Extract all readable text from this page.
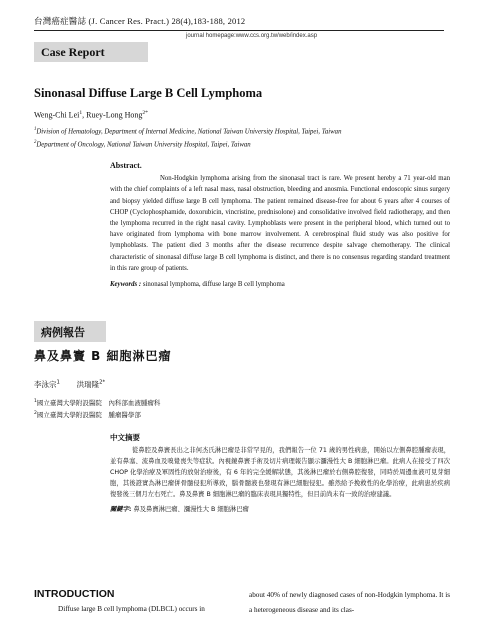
台灣癌症醫誌 (J. Cancer Res. Pract.) 28(4),183-188, 2012
journal homepage:www.ccs.org.tw/web/index.asp
Case Report
Sinonasal Diffuse Large B Cell Lymphoma
Weng-Chi Lei$^1$, Ruey-Long Hong$^{2*}$
$^1$Division of Hematology, Department of Internal Medicine, National Taiwan University Hospital, Taipei, Taiwan
$^2$Department of Oncology, National Taiwan University Hospital, Taipei, Taiwan
Abstract.

Non-Hodgkin lymphoma arising from the sinonasal tract is rare. We present hereby a 71 year-old man with the chief complaints of a left nasal mass, nasal obstruction, bleeding and anosmia. Functional endoscopic sinus surgery and biopsy yielded diffuse large B cell lymphoma. The patient remained disease-free for about 6 years after 4 courses of CHOP (Cyclophosphamide, doxorubicin, vincristine, prednisolone) and consolidative involved field radiotherapy, and then the lymphoma recurred in the right nasal cavity. Lymphoblasts were present in the peripheral blood, which turned out to have originated from lymphoma with bone marrow involvement. A cerebrospinal fluid study was also positive for lymphoblasts. The patient died 3 months after the disease recurrence despite salvage chemotherapy. The clinical characteristic of sinonasal diffuse large B cell lymphoma is distinct, and there is no consensus regarding standard treatment in this rare group of patients.

Keywords : sinonasal lymphoma, diffuse large B cell lymphoma
病例報告
鼻及鼻竇 B 細胞淋巴瘤
李泳宗$^1$ 洪瑞隆$^{2*}$
$^1$國立臺灣大學附設醫院　內科部血液腫瘤科
$^2$國立臺灣大學附設醫院　腫瘤醫學部
中文摘要
從鼻腔及鼻竇長出之非何杰氏淋巴瘤是非常罕見的，我們報告一位 71 歲的男性病患，開始以左側鼻腔腫瘤表現，並有鼻塞、流鼻血及嗅覺喪失等症狀。內視鏡鼻竇手術及切片病理報告顯示瀰漫性大 B 細胞淋巴瘤。此病人在接受了四次 CHOP 化學治療及軍固性的放射治療後，有 6 年的完全緩解狀態，其後淋巴瘤於右側鼻腔復發，同時於周邊血液可見芽細胞，其後證實為淋巴瘤併骨髓侵犯所導致，腦骨髓液也發現有淋巴細胞侵犯。雖然給予挽救性的化學治療，此病患於疾病復發後三個月左右死亡。鼻及鼻竇 B 細胞淋巴瘤的臨床表現具獨特性，但目前尚未有一致的治療建議。
關鍵字: 鼻及鼻竇淋巴瘤、瀰漫性大 B 細胞淋巴瘤
INTRODUCTION
Diffuse large B cell lymphoma (DLBCL) occurs in
about 40% of newly diagnosed cases of non-Hodgkin lymphoma. It is a heterogeneous disease and its clas-
